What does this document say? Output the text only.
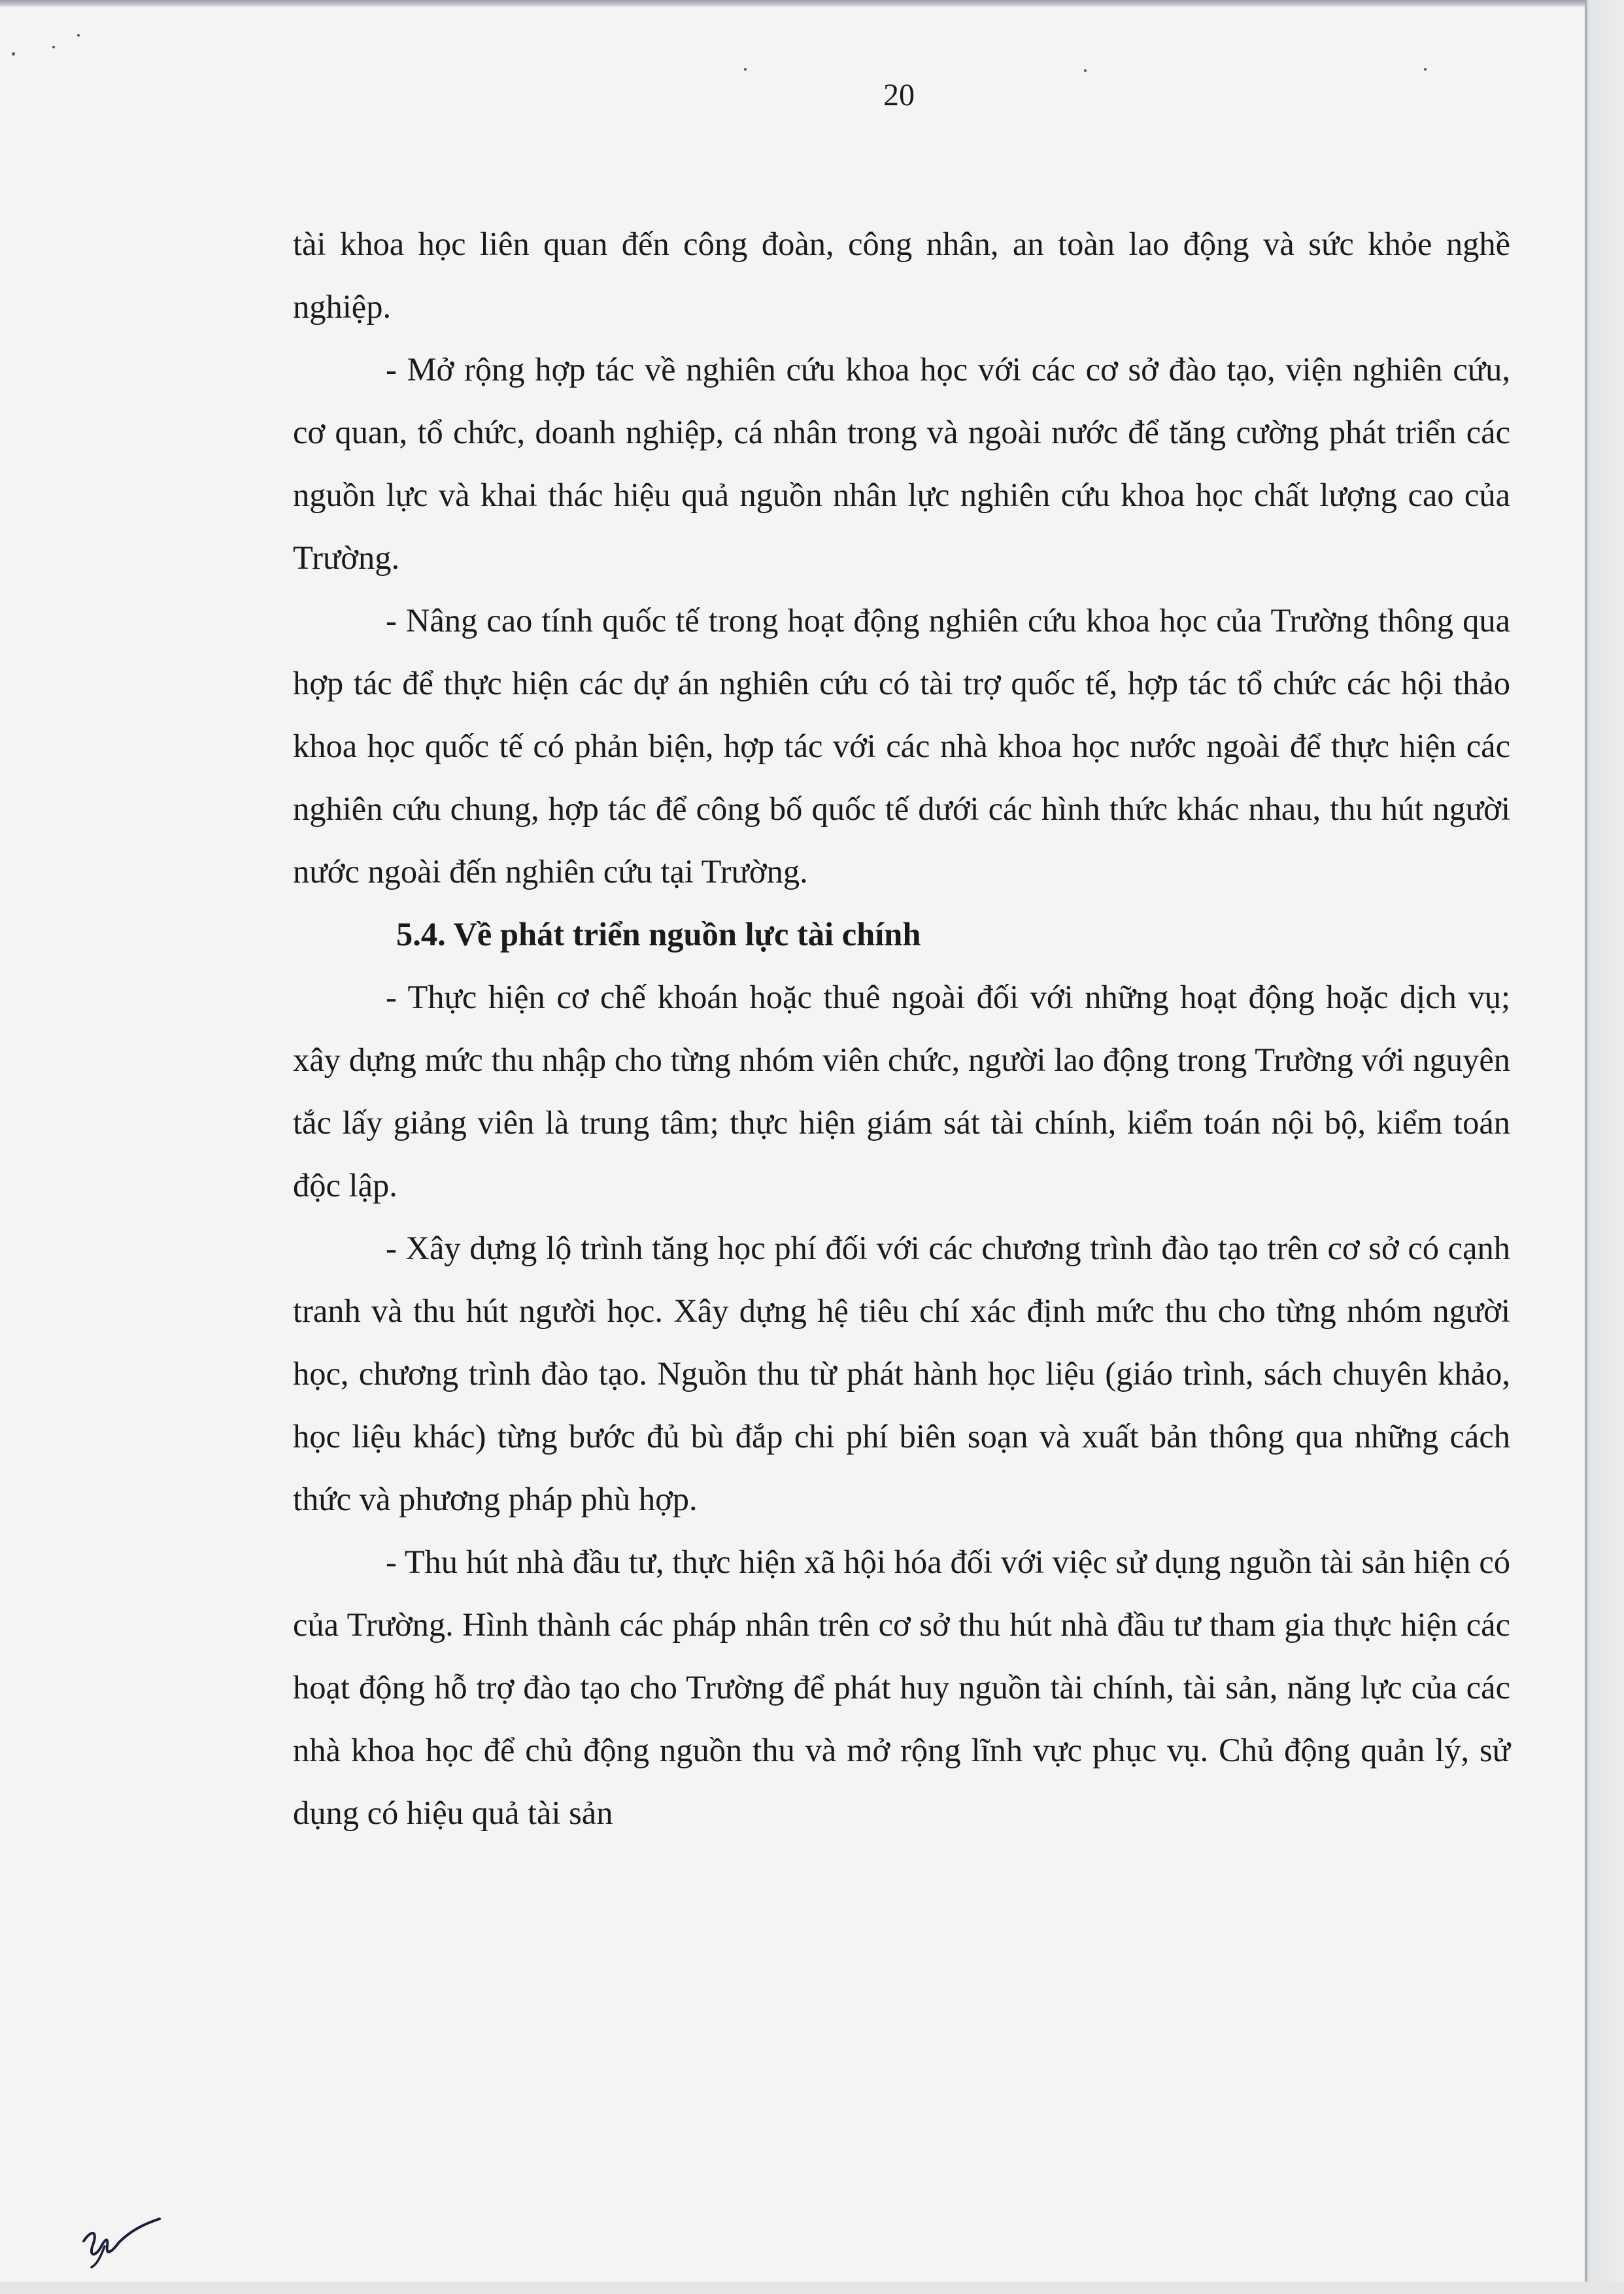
20

tài khoa học liên quan đến công đoàn, công nhân, an toàn lao động và sức khỏe nghề nghiệp.

- Mở rộng hợp tác về nghiên cứu khoa học với các cơ sở đào tạo, viện nghiên cứu, cơ quan, tổ chức, doanh nghiệp, cá nhân trong và ngoài nước để tăng cường phát triển các nguồn lực và khai thác hiệu quả nguồn nhân lực nghiên cứu khoa học chất lượng cao của Trường.

- Nâng cao tính quốc tế trong hoạt động nghiên cứu khoa học của Trường thông qua hợp tác để thực hiện các dự án nghiên cứu có tài trợ quốc tế, hợp tác tổ chức các hội thảo khoa học quốc tế có phản biện, hợp tác với các nhà khoa học nước ngoài để thực hiện các nghiên cứu chung, hợp tác để công bố quốc tế dưới các hình thức khác nhau, thu hút người nước ngoài đến nghiên cứu tại Trường.

5.4. Về phát triển nguồn lực tài chính

- Thực hiện cơ chế khoán hoặc thuê ngoài đối với những hoạt động hoặc dịch vụ; xây dựng mức thu nhập cho từng nhóm viên chức, người lao động trong Trường với nguyên tắc lấy giảng viên là trung tâm; thực hiện giám sát tài chính, kiểm toán nội bộ, kiểm toán độc lập.

- Xây dựng lộ trình tăng học phí đối với các chương trình đào tạo trên cơ sở có cạnh tranh và thu hút người học. Xây dựng hệ tiêu chí xác định mức thu cho từng nhóm người học, chương trình đào tạo. Nguồn thu từ phát hành học liệu (giáo trình, sách chuyên khảo, học liệu khác) từng bước đủ bù đắp chi phí biên soạn và xuất bản thông qua những cách thức và phương pháp phù hợp.

- Thu hút nhà đầu tư, thực hiện xã hội hóa đối với việc sử dụng nguồn tài sản hiện có của Trường. Hình thành các pháp nhân trên cơ sở thu hút nhà đầu tư tham gia thực hiện các hoạt động hỗ trợ đào tạo cho Trường để phát huy nguồn tài chính, tài sản, năng lực của các nhà khoa học để chủ động nguồn thu và mở rộng lĩnh vực phục vụ. Chủ động quản lý, sử dụng có hiệu quả tài sản
